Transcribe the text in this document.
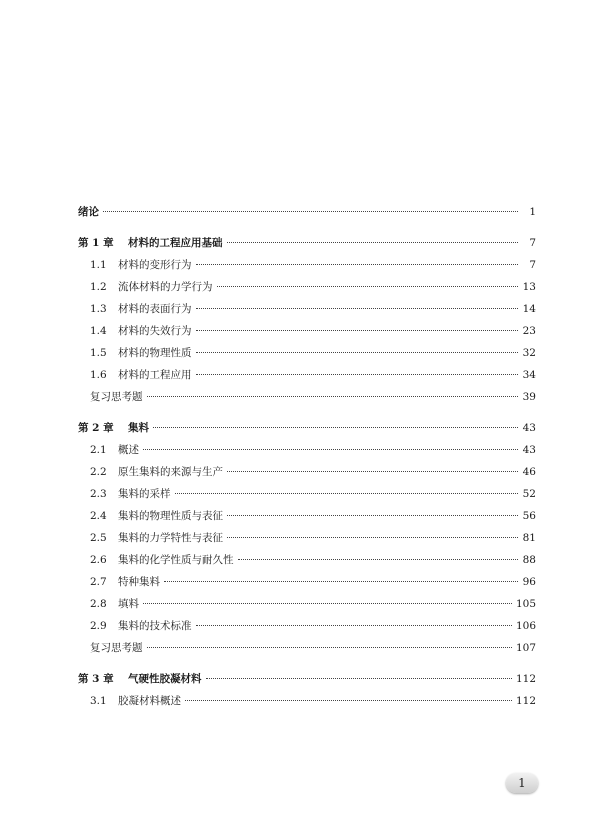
绪论	1
第 1 章	材料的工程应用基础	7
1.1	材料的变形行为	7
1.2	流体材料的力学行为	13
1.3	材料的表面行为	14
1.4	材料的失效行为	23
1.5	材料的物理性质	32
1.6	材料的工程应用	34
复习思考题	39
第 2 章	集料	43
2.1	概述	43
2.2	原生集料的来源与生产	46
2.3	集料的采样	52
2.4	集料的物理性质与表征	56
2.5	集料的力学特性与表征	81
2.6	集料的化学性质与耐久性	88
2.7	特种集料	96
2.8	填料	105
2.9	集料的技术标准	106
复习思考题	107
第 3 章	气硬性胶凝材料	112
3.1	胶凝材料概述	112
1
